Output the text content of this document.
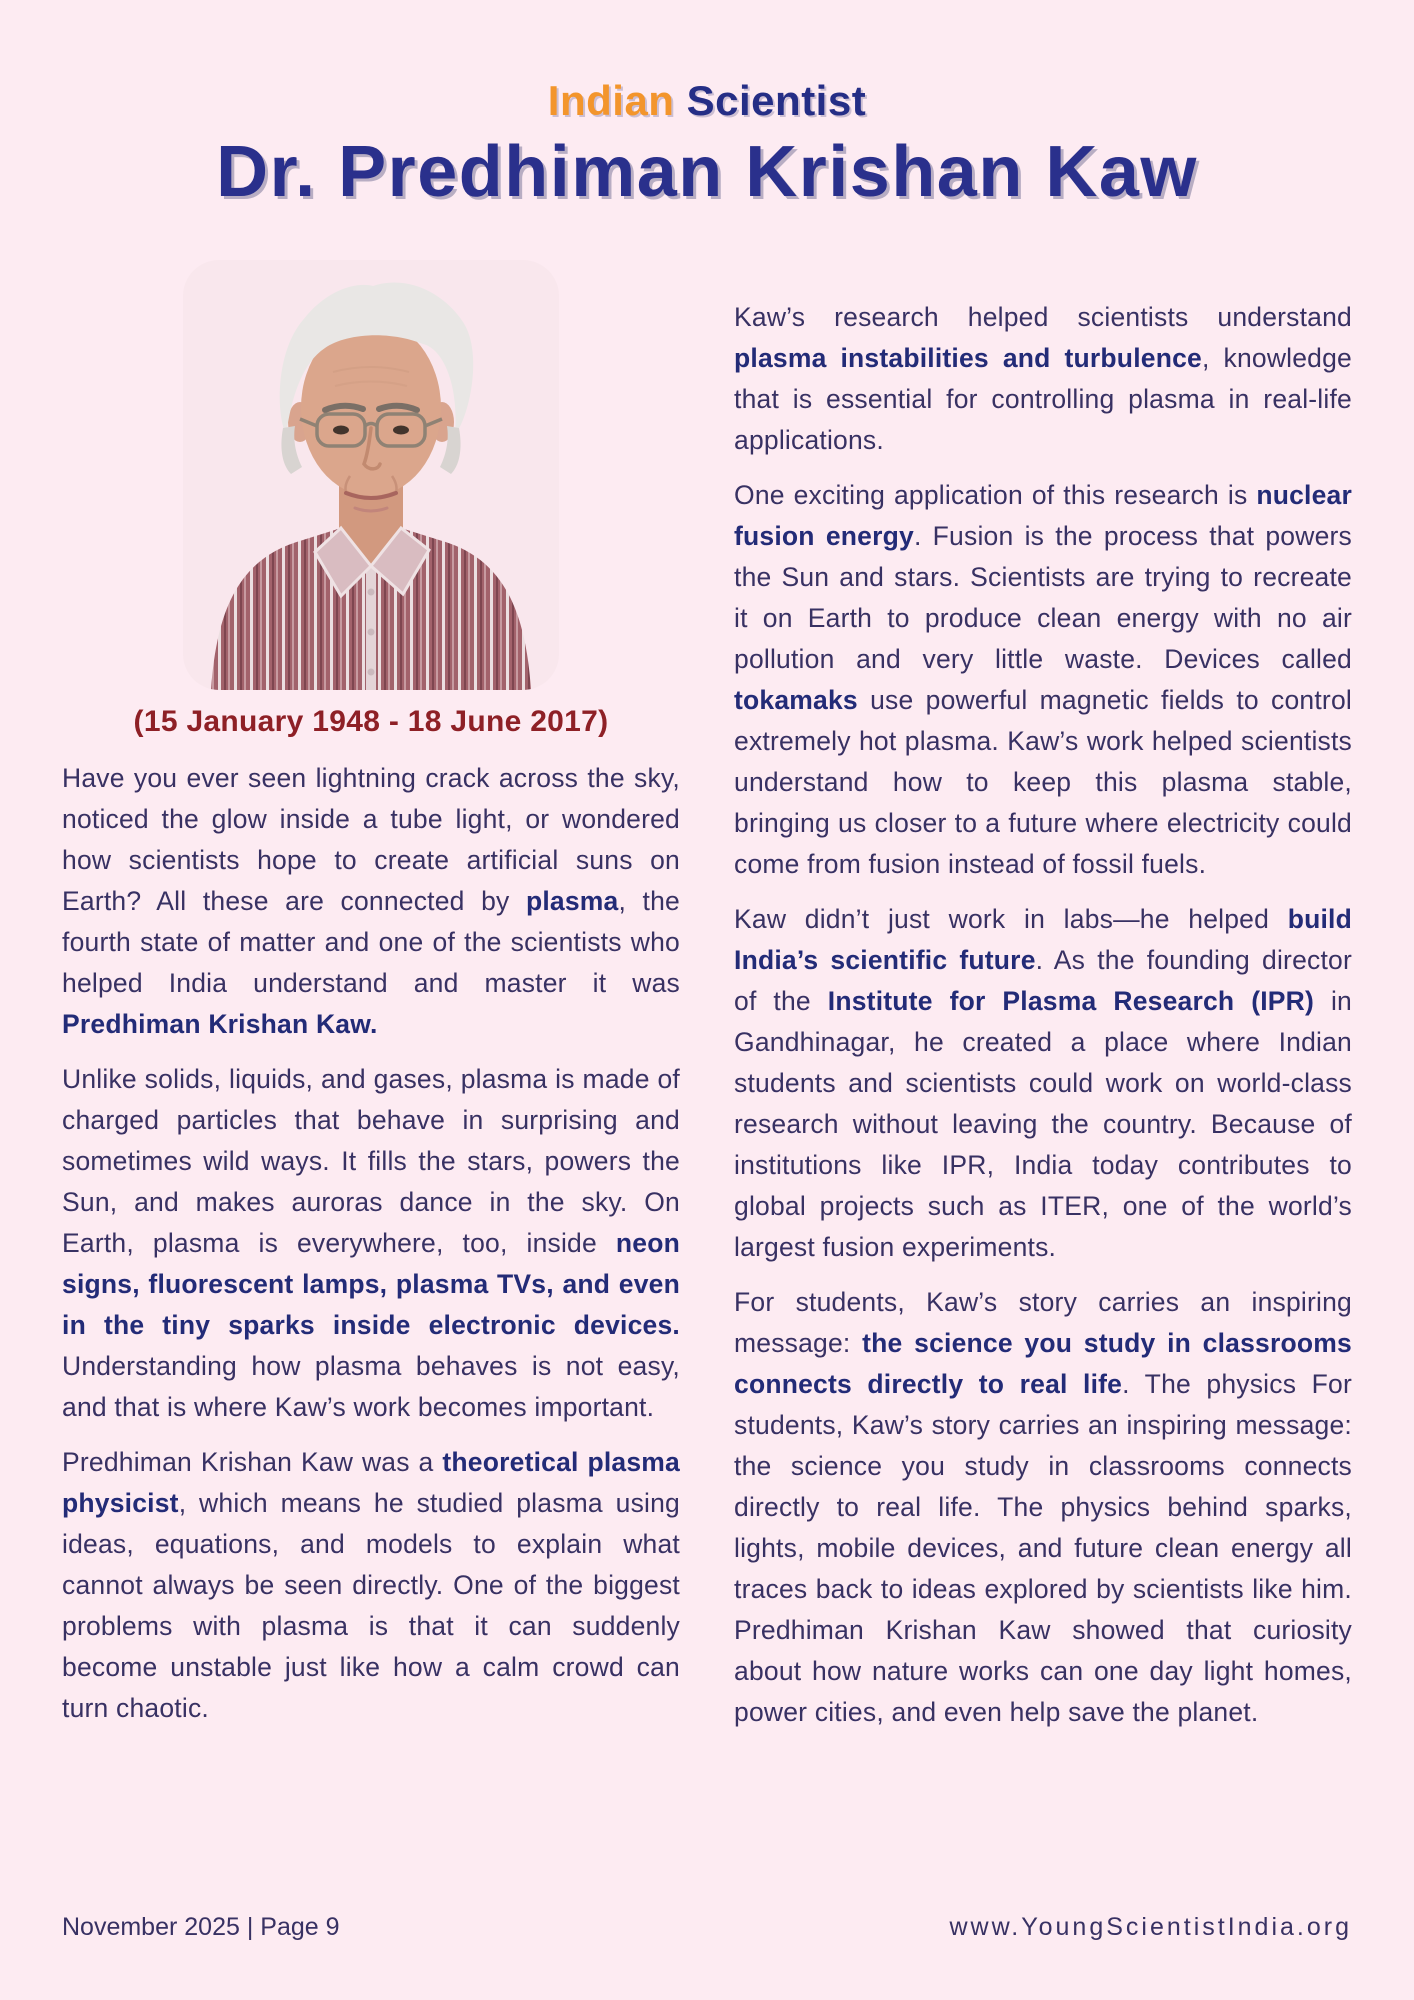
Indian Scientist
Dr. Predhiman Krishan Kaw
(15 January 1948 - 18 June 2017)

Have you ever seen lightning crack across the sky, noticed the glow inside a tube light, or wondered how scientists hope to create artificial suns on Earth? All these are connected by plasma, the fourth state of matter and one of the scientists who helped India understand and master it was Predhiman Krishan Kaw.

Unlike solids, liquids, and gases, plasma is made of charged particles that behave in surprising and sometimes wild ways. It fills the stars, powers the Sun, and makes auroras dance in the sky. On Earth, plasma is everywhere, too, inside neon signs, fluorescent lamps, plasma TVs, and even in the tiny sparks inside electronic devices. Understanding how plasma behaves is not easy, and that is where Kaw’s work becomes important.

Predhiman Krishan Kaw was a theoretical plasma physicist, which means he studied plasma using ideas, equations, and models to explain what cannot always be seen directly. One of the biggest problems with plasma is that it can suddenly become unstable just like how a calm crowd can turn chaotic.

Kaw’s research helped scientists understand plasma instabilities and turbulence, knowledge that is essential for controlling plasma in real-life applications.

One exciting application of this research is nuclear fusion energy. Fusion is the process that powers the Sun and stars. Scientists are trying to recreate it on Earth to produce clean energy with no air pollution and very little waste. Devices called tokamaks use powerful magnetic fields to control extremely hot plasma. Kaw’s work helped scientists understand how to keep this plasma stable, bringing us closer to a future where electricity could come from fusion instead of fossil fuels.

Kaw didn’t just work in labs—he helped build India’s scientific future. As the founding director of the Institute for Plasma Research (IPR) in Gandhinagar, he created a place where Indian students and scientists could work on world-class research without leaving the country. Because of institutions like IPR, India today contributes to global projects such as ITER, one of the world’s largest fusion experiments.

For students, Kaw’s story carries an inspiring message: the science you study in classrooms connects directly to real life. The physics For students, Kaw’s story carries an inspiring message: the science you study in classrooms connects directly to real life. The physics behind sparks, lights, mobile devices, and future clean energy all traces back to ideas explored by scientists like him. Predhiman Krishan Kaw showed that curiosity about how nature works can one day light homes, power cities, and even help save the planet.

November 2025 | Page 9	www.YoungScientistIndia.org
